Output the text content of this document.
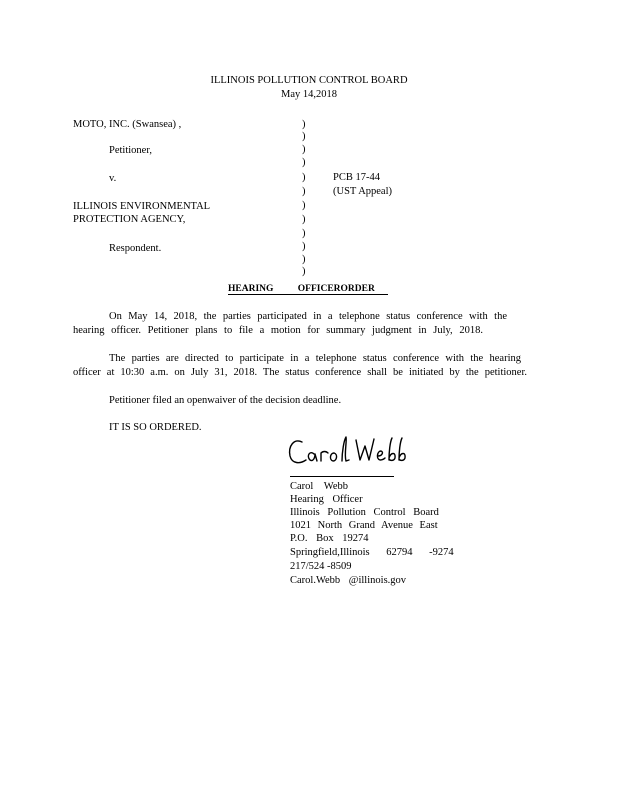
ILLINOIS POLLUTION CONTROL BOARD
May 14,2018
MOTO, INC. (Swansea) ,
Petitioner,
v.
ILLINOIS ENVIRONMENTAL
PROTECTION AGENCY,
Respondent.
)
)
)
)
)
)
)
)
)
)
)
)
PCB 17-44
(UST Appeal)
HEARING OFFICERORDER
On May 14, 2018, the parties participated in a telephone status conference with the
hearing officer. Petitioner plans to file a motion for summary judgment in July, 2018.
The parties are directed to participate in a telephone status conference with the hearing
officer at 10:30 a.m. on July 31, 2018. The status conference shall be initiated by the petitioner.
Petitioner filed an openwaiver of the decision deadline.
IT IS SO ORDERED.
Carol Webb
Hearing Officer
Illinois Pollution Control Board
1021 North Grand Avenue East
P.O. Box 19274
Springfield,Illinois 62794 -9274
217/524 -8509
Carol.Webb @illinois.gov
